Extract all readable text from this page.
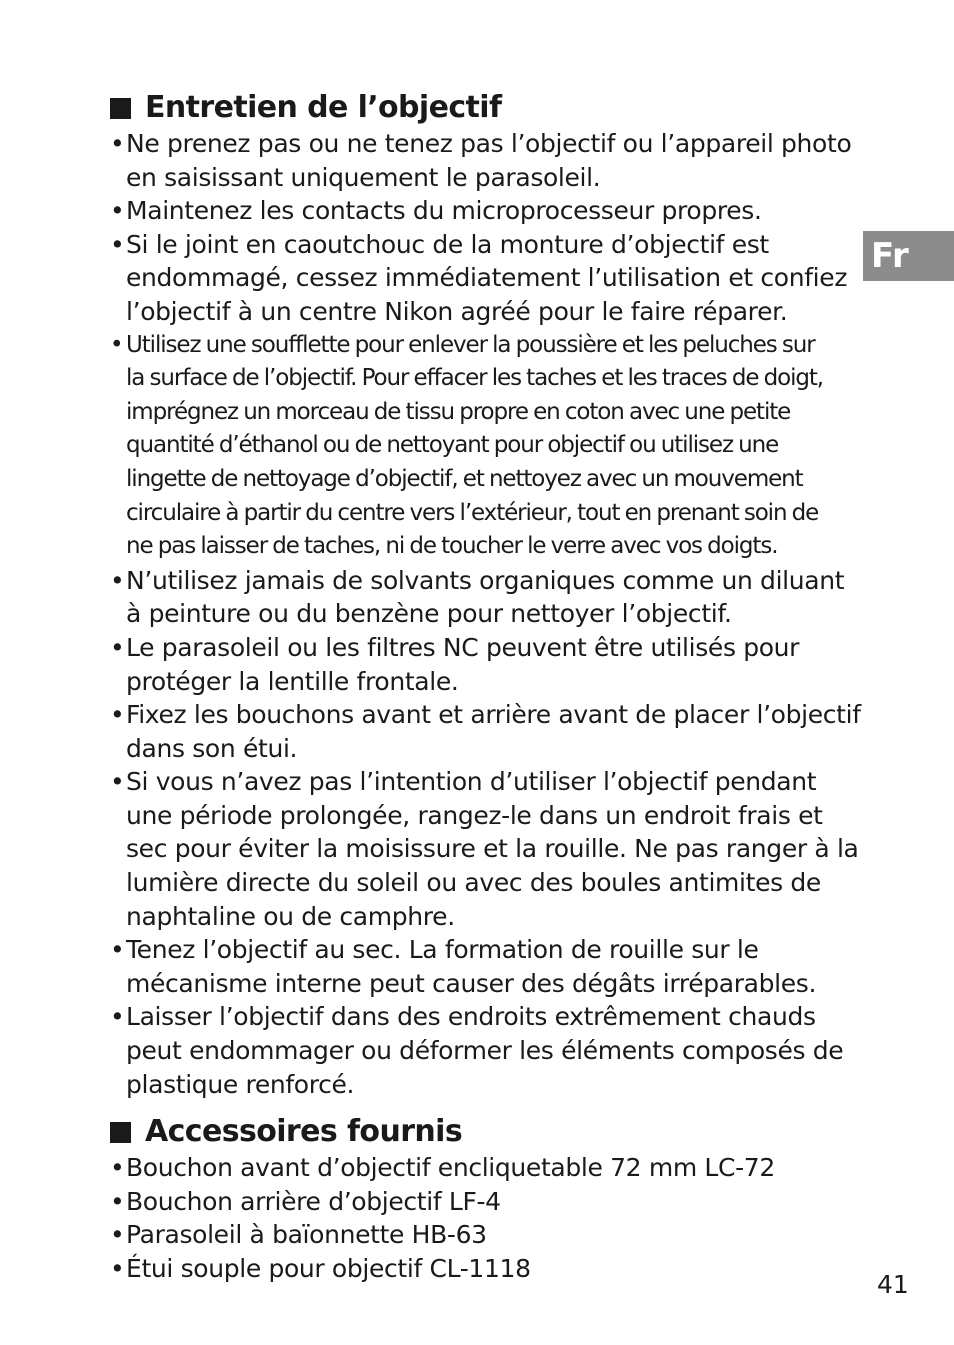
Fr
Entretien de l’objectif
• Ne prenez pas ou ne tenez pas l’objectif ou l’appareil photo
en saisissant uniquement le parasoleil.
• Maintenez les contacts du microprocesseur propres.
• Si le joint en caoutchouc de la monture d’objectif est
endommagé, cessez immédiatement l’utilisation et confiez
l’objectif à un centre Nikon agréé pour le faire réparer.
• Utilisez une soufflette pour enlever la poussière et les peluches sur
la surface de l’objectif. Pour effacer les taches et les traces de doigt,
imprégnez un morceau de tissu propre en coton avec une petite
quantité d’éthanol ou de nettoyant pour objectif ou utilisez une
lingette de nettoyage d’objectif, et nettoyez avec un mouvement
circulaire à partir du centre vers l’extérieur, tout en prenant soin de
ne pas laisser de taches, ni de toucher le verre avec vos doigts.
• N’utilisez jamais de solvants organiques comme un diluant
à peinture ou du benzène pour nettoyer l’objectif.
• Le parasoleil ou les filtres NC peuvent être utilisés pour
protéger la lentille frontale.
• Fixez les bouchons avant et arrière avant de placer l’objectif
dans son étui.
• Si vous n’avez pas l’intention d’utiliser l’objectif pendant
une période prolongée, rangez-le dans un endroit frais et
sec pour éviter la moisissure et la rouille. Ne pas ranger à la
lumière directe du soleil ou avec des boules antimites de
naphtaline ou de camphre.
• Tenez l’objectif au sec. La formation de rouille sur le
mécanisme interne peut causer des dégâts irréparables.
• Laisser l’objectif dans des endroits extrêmement chauds
peut endommager ou déformer les éléments composés de
plastique renforcé.
Accessoires fournis
• Bouchon avant d’objectif encliquetable 72 mm LC-72
• Bouchon arrière d’objectif LF-4
• Parasoleil à baïonnette HB-63
• Étui souple pour objectif CL-1118
41
